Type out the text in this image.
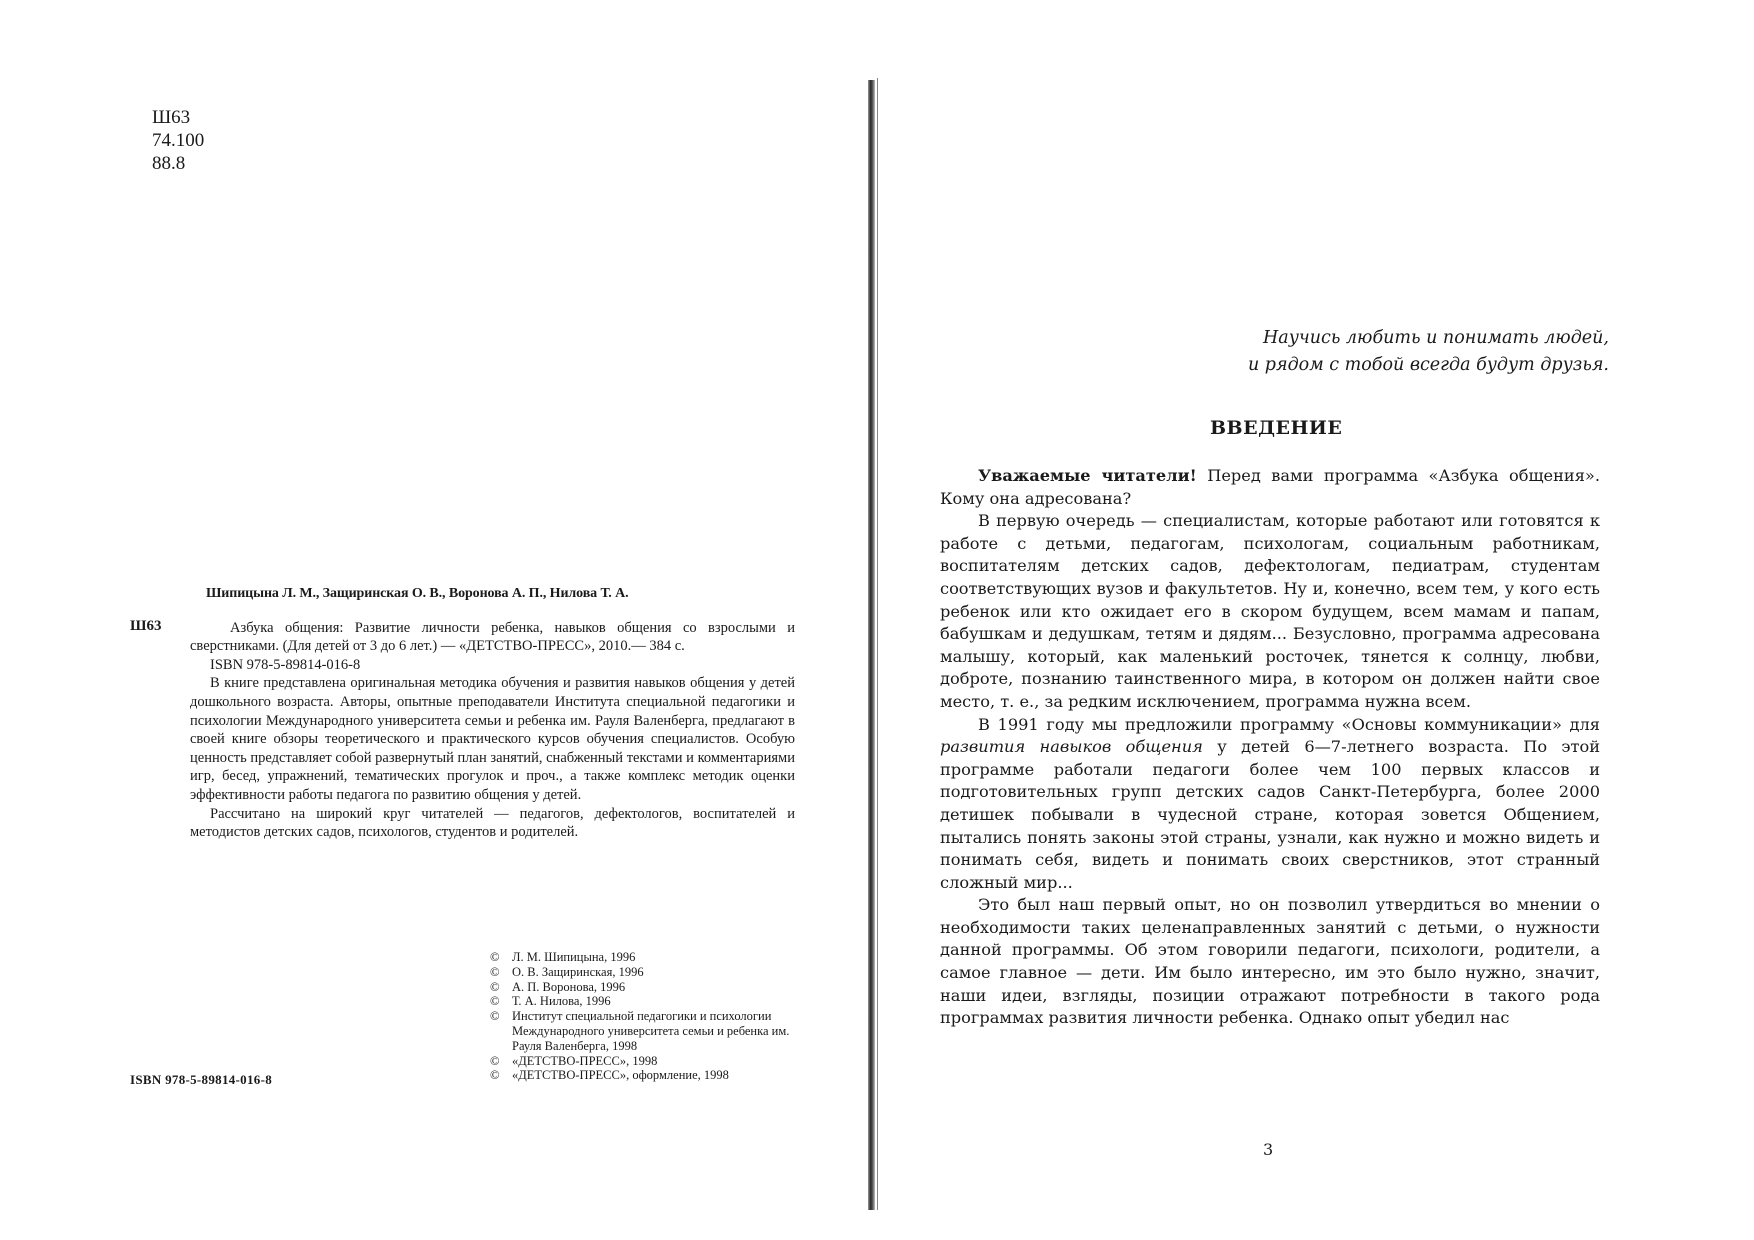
Ш63
74.100
88.8
Шипицына Л. М., Защиринская О. В., Воронова А. П., Нилова Т. А.
Ш63	Азбука общения: Развитие личности ребенка, навыков общения со взрослыми и сверстниками. (Для детей от 3 до 6 лет.) — «ДЕТСТВО-ПРЕСС», 2010.— 384 с.
ISBN 978-5-89814-016-8
В книге представлена оригинальная методика обучения и развития навыков общения у детей дошкольного возраста. Авторы, опытные преподаватели Института специальной педагогики и психологии Международного университета семьи и ребенка им. Рауля Валенберга, предлагают в своей книге обзоры теоретического и практического курсов обучения специалистов. Особую ценность представляет собой развернутый план занятий, снабженный текстами и комментариями игр, бесед, упражнений, тематических прогулок и проч., а также комплекс методик оценки эффективности работы педагога по развитию общения у детей.
Рассчитано на широкий круг читателей — педагогов, дефектологов, воспитателей и методистов детских садов, психологов, студентов и родителей.
©	Л. М. Шипицына, 1996
©	О. В. Защиринская, 1996
©	А. П. Воронова, 1996
©	Т. А. Нилова, 1996
©	Институт специальной педагогики и психологии Международного университета семьи и ребенка им. Рауля Валенберга, 1998
©	«ДЕТСТВО-ПРЕСС», 1998
©	«ДЕТСТВО-ПРЕСС», оформление, 1998
ISBN 978-5-89814-016-8
Научись любить и понимать людей,
и рядом с тобой всегда будут друзья.
ВВЕДЕНИЕ

Уважаемые читатели! Перед вами программа «Азбука общения». Кому она адресована?

В первую очередь — специалистам, которые работают или готовятся к работе с детьми, педагогам, психологам, социальным работникам, воспитателям детских садов, дефектологам, педиатрам, студентам соответствующих вузов и факультетов. Ну и, конечно, всем тем, у кого есть ребенок или кто ожидает его в скором будущем, всем мамам и папам, бабушкам и дедушкам, тетям и дядям... Безусловно, программа адресована малышу, который, как маленький росточек, тянется к солнцу, любви, доброте, познанию таинственного мира, в котором он должен найти свое место, т. е., за редким исключением, программа нужна всем.

В 1991 году мы предложили программу «Основы коммуникации» для развития навыков общения у детей 6—7-летнего возраста. По этой программе работали педагоги более чем 100 первых классов и подготовительных групп детских садов Санкт-Петербурга, более 2000 детишек побывали в чудесной стране, которая зовется Общением, пытались понять законы этой страны, узнали, как нужно и можно видеть и понимать себя, видеть и понимать своих сверстников, этот странный сложный мир...

Это был наш первый опыт, но он позволил утвердиться во мнении о необходимости таких целенаправленных занятий с детьми, о нужности данной программы. Об этом говорили педагоги, психологи, родители, а самое главное — дети. Им было интересно, им это было нужно, значит, наши идеи, взгляды, позиции отражают потребности в такого рода программах развития личности ребенка. Однако опыт убедил нас

3
